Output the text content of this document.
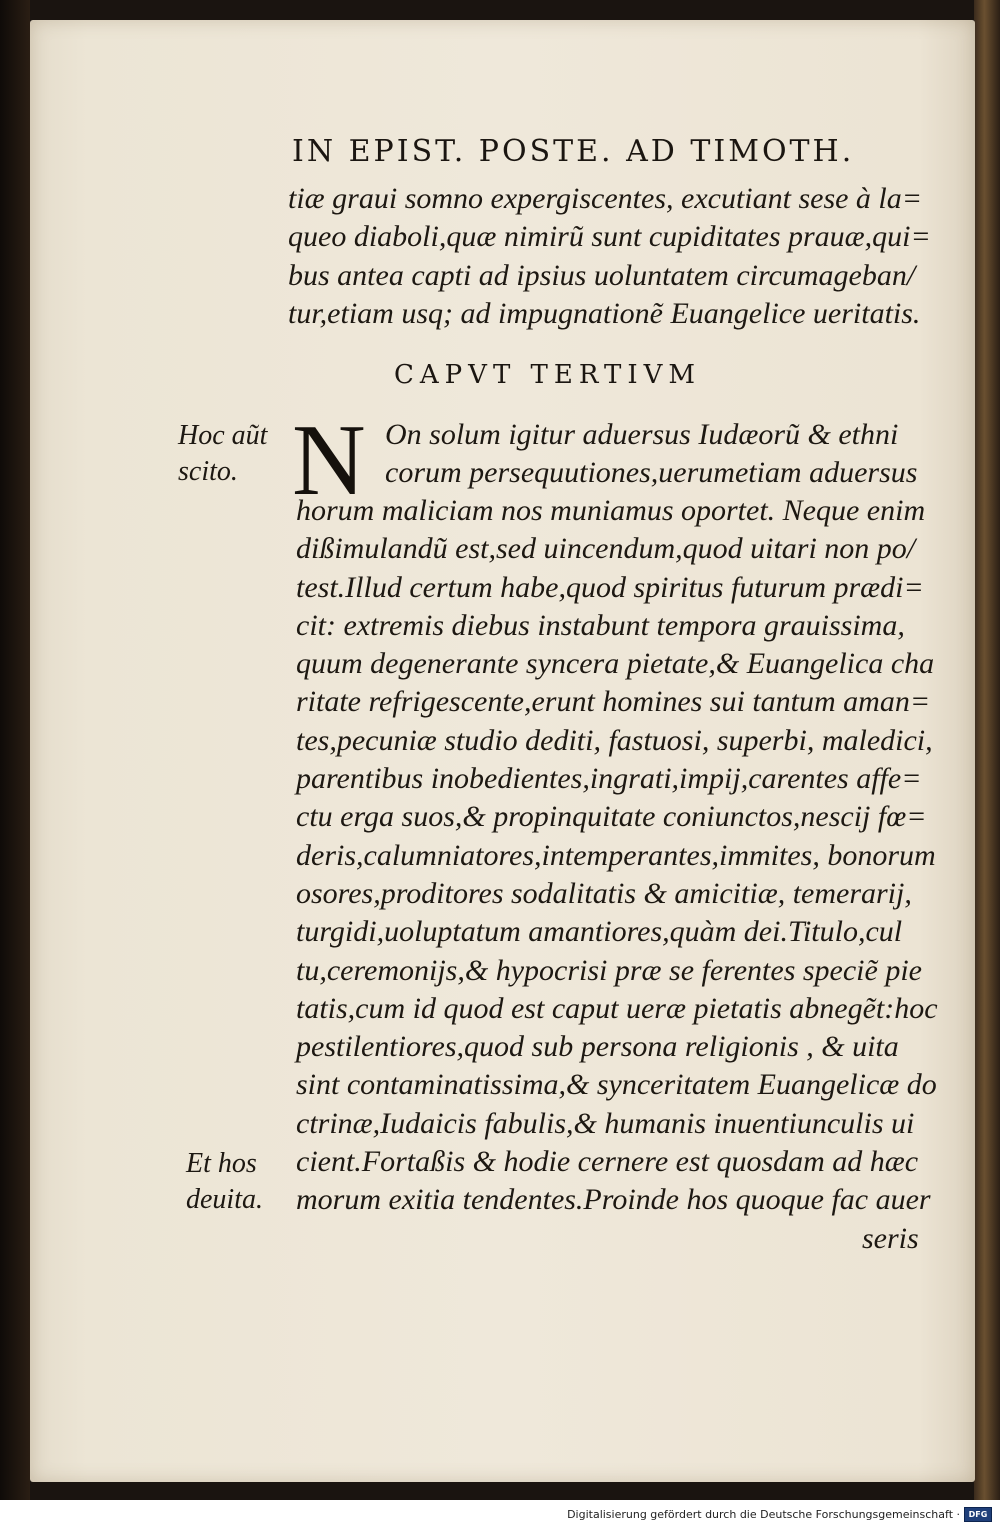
IN EPIST. POSTE. AD TIMOTH.
tiæ graui somno expergiscentes, excutiant sese à la=
queo diaboli,quæ nimirũ sunt cupiditates prauæ,qui=
bus antea capti ad ipsius uoluntatem circumageban/
tur,etiam usq; ad impugnationẽ Euangelice ueritatis.
CAPVT TERTIVM
N On solum igitur aduersus Iudæorũ & ethni
corum persequutiones,uerumetiam aduersus
horum maliciam nos muniamus oportet. Neque enim
dißimulandũ est,sed uincendum,quod uitari non po/
test.Illud certum habe,quod spiritus futurum prædi=
cit: extremis diebus instabunt tempora grauissima,
quum degenerante syncera pietate,& Euangelica cha
ritate refrigescente,erunt homines sui tantum aman=
tes,pecuniæ studio dediti, fastuosi, superbi, maledici,
parentibus inobedientes,ingrati,impij,carentes affe=
ctu erga suos,& propinquitate coniunctos,nescij fœ=
deris,calumniatores,intemperantes,immites, bonorum
osores,proditores sodalitatis & amicitiæ, temerarij,
turgidi,uoluptatum amantiores,quàm dei.Titulo,cul
tu,ceremonijs,& hypocrisi præ se ferentes speciẽ pie
tatis,cum id quod est caput ueræ pietatis abnegẽt:hoc
pestilentiores,quod sub persona religionis , & uita
sint contaminatissima,& synceritatem Euangelicæ do
ctrinæ,Iudaicis fabulis,& humanis inuentiunculis ui
cient.Fortaßis & hodie cernere est quosdam ad hæc
morum exitia tendentes.Proinde hos quoque fac auer
seris
Hoc aũt
scito.
Et hos
deuita.
Digitalisierung gefördert durch die Deutsche Forschungsgemeinschaft ·	DFG
